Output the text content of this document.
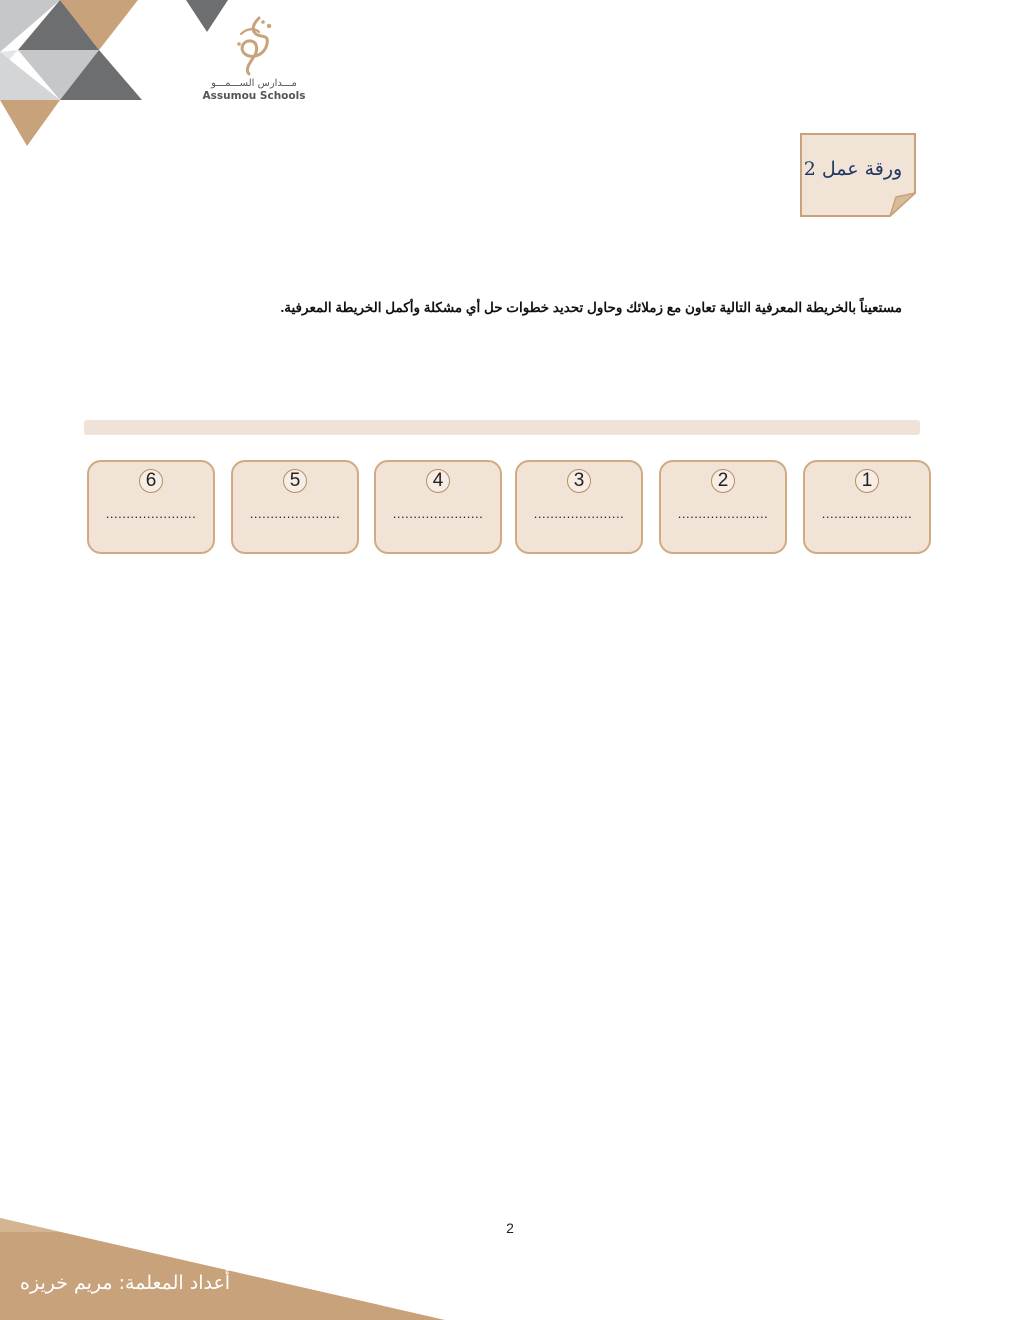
مـــدارس الســـمـــو
Assumou Schools
ورقة عمل 2
مستعيناً بالخريطة المعرفية التالية تعاون مع زملائك وحاول تحديد خطوات حل أي مشكلة وأكمل الخريطة المعرفية.
1
......................
2
......................
3
......................
4
......................
5
......................
6
......................
2
أعداد المعلمة: مريم خريزه
